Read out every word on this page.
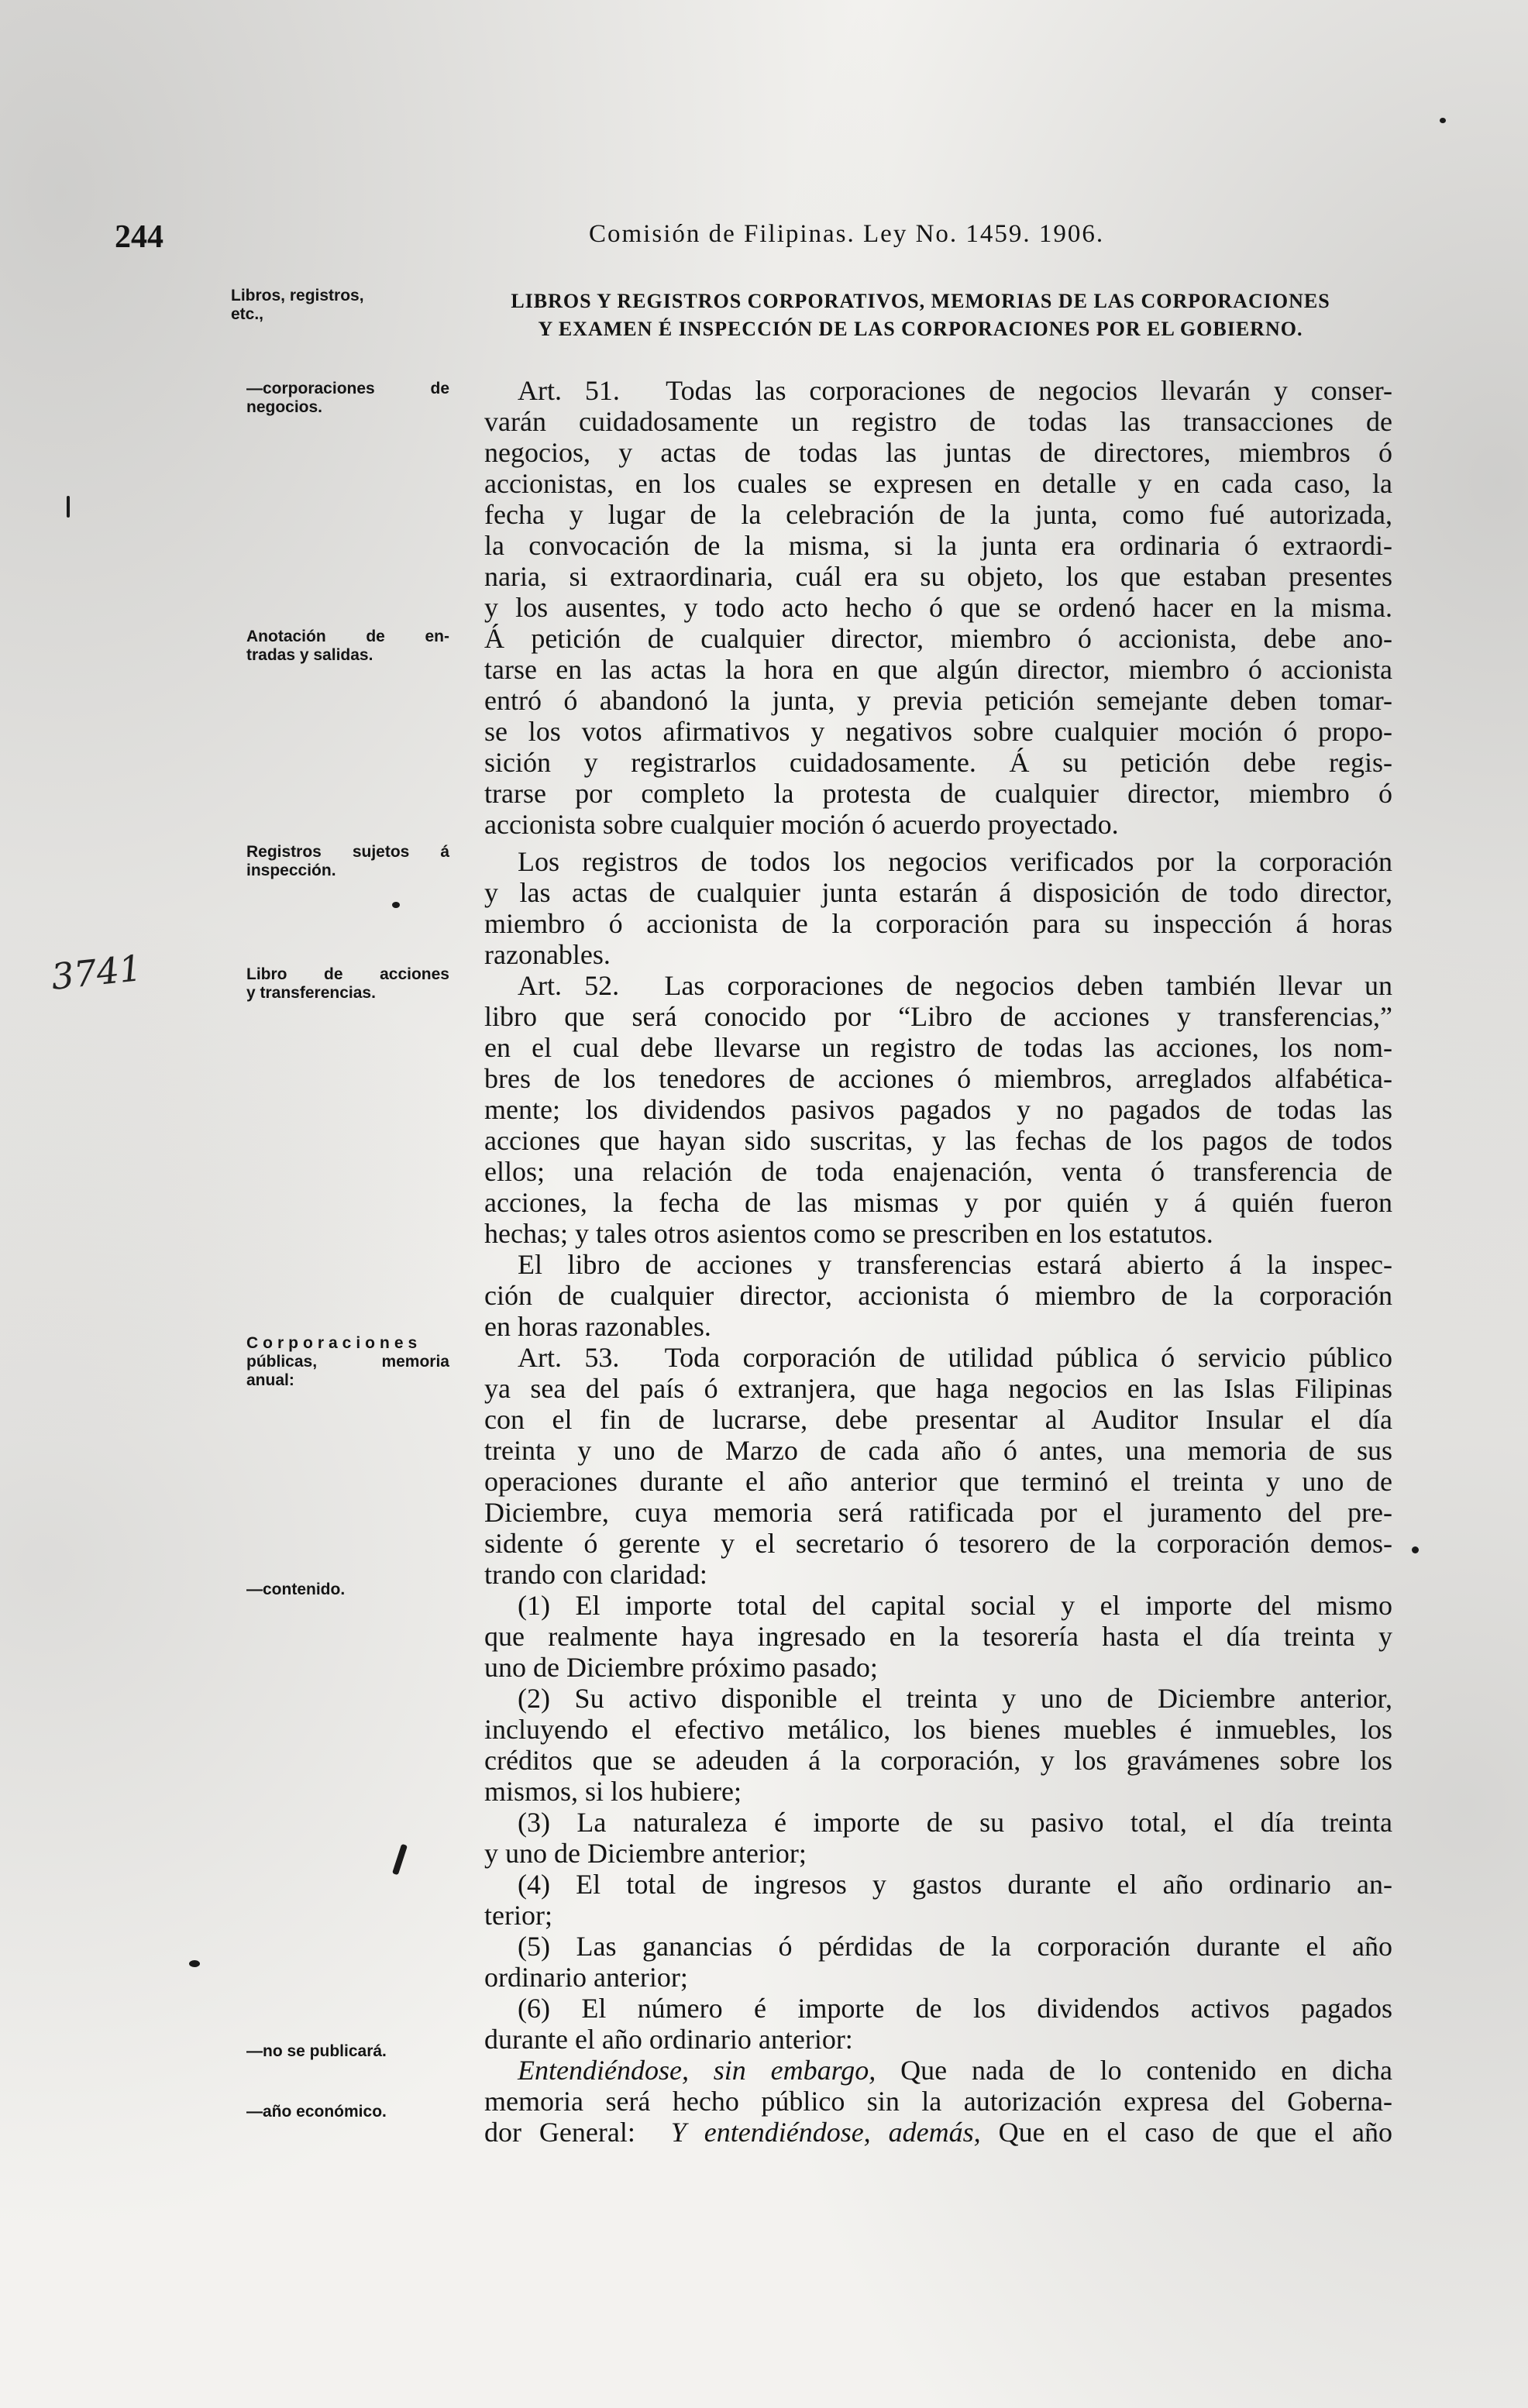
244	Comisión de Filipinas. Ley No. 1459. 1906.
LIBROS Y REGISTROS CORPORATIVOS, MEMORIAS DE LAS CORPORACIONES
Y EXAMEN É INSPECCIÓN DE LAS CORPORACIONES POR EL GOBIERNO.
3741
Libros, registros,
etc.,
—corporaciones de
negocios.
Anotación de en-
tradas y salidas.
Registros sujetos á
inspección.
Libro de acciones
y transferencias.
Corporaciones
públicas, memoria
anual:
—contenido.
—no se publicará.
—año económico.
Art. 51. Todas las corporaciones de negocios llevarán y conser-
varán cuidadosamente un registro de todas las transacciones de
negocios, y actas de todas las juntas de directores, miembros ó
accionistas, en los cuales se expresen en detalle y en cada caso, la
fecha y lugar de la celebración de la junta, como fué autorizada,
la convocación de la misma, si la junta era ordinaria ó extraordi-
naria, si extraordinaria, cuál era su objeto, los que estaban presentes
y los ausentes, y todo acto hecho ó que se ordenó hacer en la misma.
Á petición de cualquier director, miembro ó accionista, debe ano-
tarse en las actas la hora en que algún director, miembro ó accionista
entró ó abandonó la junta, y previa petición semejante deben tomar-
se los votos afirmativos y negativos sobre cualquier moción ó propo-
sición y registrarlos cuidadosamente. Á su petición debe regis-
trarse por completo la protesta de cualquier director, miembro ó
accionista sobre cualquier moción ó acuerdo proyectado.
Los registros de todos los negocios verificados por la corporación
y las actas de cualquier junta estarán á disposición de todo director,
miembro ó accionista de la corporación para su inspección á horas
razonables.
Art. 52. Las corporaciones de negocios deben también llevar un
libro que será conocido por “Libro de acciones y transferencias,”
en el cual debe llevarse un registro de todas las acciones, los nom-
bres de los tenedores de acciones ó miembros, arreglados alfabética-
mente; los dividendos pasivos pagados y no pagados de todas las
acciones que hayan sido suscritas, y las fechas de los pagos de todos
ellos; una relación de toda enajenación, venta ó transferencia de
acciones, la fecha de las mismas y por quién y á quién fueron
hechas; y tales otros asientos como se prescriben en los estatutos.
El libro de acciones y transferencias estará abierto á la inspec-
ción de cualquier director, accionista ó miembro de la corporación
en horas razonables.
Art. 53. Toda corporación de utilidad pública ó servicio público
ya sea del país ó extranjera, que haga negocios en las Islas Filipinas
con el fin de lucrarse, debe presentar al Auditor Insular el día
treinta y uno de Marzo de cada año ó antes, una memoria de sus
operaciones durante el año anterior que terminó el treinta y uno de
Diciembre, cuya memoria será ratificada por el juramento del pre-
sidente ó gerente y el secretario ó tesorero de la corporación demos-
trando con claridad:
(1) El importe total del capital social y el importe del mismo
que realmente haya ingresado en la tesorería hasta el día treinta y
uno de Diciembre próximo pasado;
(2) Su activo disponible el treinta y uno de Diciembre anterior,
incluyendo el efectivo metálico, los bienes muebles é inmuebles, los
créditos que se adeuden á la corporación, y los gravámenes sobre los
mismos, si los hubiere;
(3) La naturaleza é importe de su pasivo total, el día treinta
y uno de Diciembre anterior;
(4) El total de ingresos y gastos durante el año ordinario an-
terior;
(5) Las ganancias ó pérdidas de la corporación durante el año
ordinario anterior;
(6) El número é importe de los dividendos activos pagados
durante el año ordinario anterior:
Entendiéndose, sin embargo, Que nada de lo contenido en dicha
memoria será hecho público sin la autorización expresa del Goberna-
dor General: Y entendiéndose, además, Que en el caso de que el año
